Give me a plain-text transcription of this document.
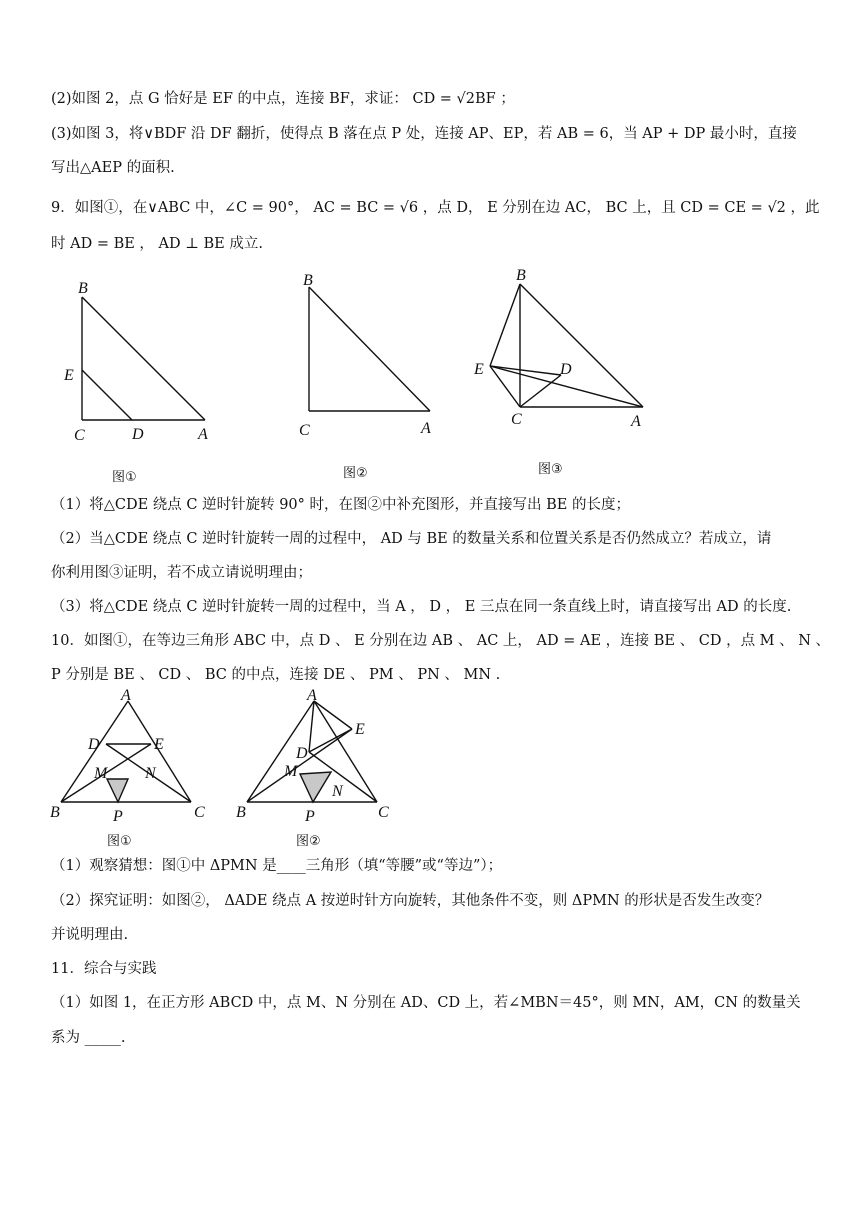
(2)如图 2，点 G 恰好是 EF 的中点，连接 BF，求证： CD = √2BF ；
(3)如图 3，将∨BDF 沿 DF 翻折，使得点 B 落在点 P 处，连接 AP、EP，若 AB = 6，当 AP + DP 最小时，直接
写出△AEP 的面积.
9．如图①，在∨ABC 中，∠C = 90°， AC = BC = √6 ，点 D， E 分别在边 AC， BC 上，且 CD = CE = √2 ，此
时 AD = BE ， AD ⊥ BE 成立.
B
E
C	D	A
图①
B
C	A
图②
B
E	D
C	A
图③
（1）将△CDE 绕点 C 逆时针旋转 90° 时，在图②中补充图形，并直接写出 BE 的长度；
（2）当△CDE 绕点 C 逆时针旋转一周的过程中， AD 与 BE 的数量关系和位置关系是否仍然成立？若成立，请
你利用图③证明，若不成立请说明理由；
（3）将△CDE 绕点 C 逆时针旋转一周的过程中，当 A ， D ， E 三点在同一条直线上时，请直接写出 AD 的长度.
10．如图①，在等边三角形 ABC 中，点 D 、 E 分别在边 AB 、 AC 上， AD = AE ，连接 BE 、 CD ，点 M 、 N 、
P 分别是 BE 、 CD 、 BC 的中点，连接 DE 、 PM 、 PN 、 MN .
A
D	E
M N
B	C
P
图①
A
E
D
M
N
B	C
P
图②
（1）观察猜想：图①中 ΔPMN 是____三角形（填“等腰”或“等边”）；
（2）探究证明：如图②， ΔADE 绕点 A 按逆时针方向旋转，其他条件不变，则 ΔPMN 的形状是否发生改变？
并说明理由.
11．综合与实践
（1）如图 1，在正方形 ABCD 中，点 M、N 分别在 AD、CD 上，若∠MBN＝45°，则 MN，AM，CN 的数量关
系为 _____.
